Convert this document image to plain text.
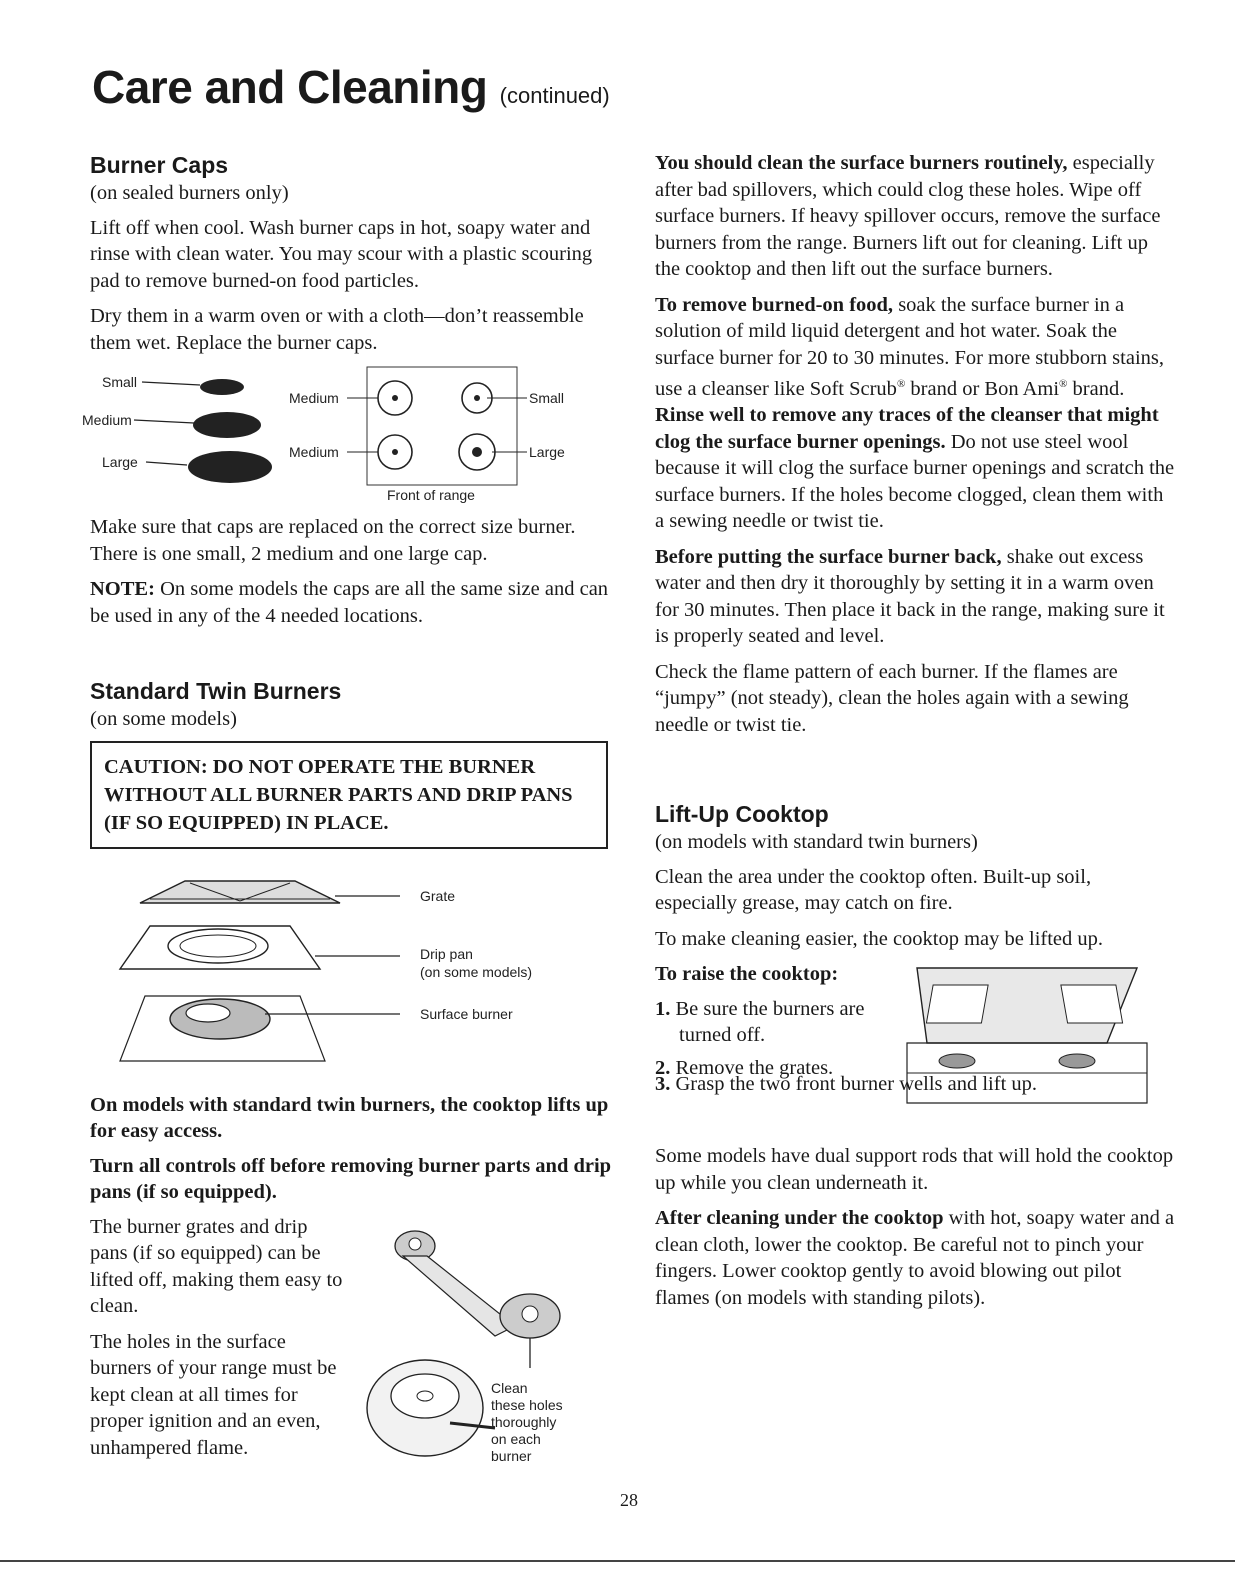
Care and Cleaning (continued)
Burner Caps

(on sealed burners only)

Lift off when cool. Wash burner caps in hot, soapy water and rinse with clean water. You may scour with a plastic scouring pad to remove burned-on food particles.

Dry them in a warm oven or with a cloth—don’t reassemble them wet. Replace the burner caps.

Small
Medium
Large
Medium	Small
Medium	Large
Front of range

Make sure that caps are replaced on the correct size burner. There is one small, 2 medium and one large cap.

NOTE: On some models the caps are all the same size and can be used in any of the 4 needed locations.

Standard Twin Burners

(on some models)

CAUTION: DO NOT OPERATE THE BURNER WITHOUT ALL BURNER PARTS AND DRIP PANS (IF SO EQUIPPED) IN PLACE.
Grate
Drip pan
(on some models)
Surface burner

On models with standard twin burners, the cooktop lifts up for easy access.

Turn all controls off before removing burner parts and drip pans (if so equipped).

The burner grates and drip pans (if so equipped) can be lifted off, making them easy to clean.

The holes in the surface burners of your range must be kept clean at all times for proper ignition and an even, unhampered flame.

Clean
these holes
thoroughly
on each
burner

You should clean the surface burners routinely, especially after bad spillovers, which could clog these holes. Wipe off surface burners. If heavy spillover occurs, remove the surface burners from the range. Burners lift out for cleaning. Lift up the cooktop and then lift out the surface burners.

To remove burned-on food, soak the surface burner in a solution of mild liquid detergent and hot water. Soak the surface burner for 20 to 30 minutes. For more stubborn stains, use a cleanser like Soft Scrub® brand or Bon Ami® brand. Rinse well to remove any traces of the cleanser that might clog the surface burner openings. Do not use steel wool because it will clog the surface burner openings and scratch the surface burners. If the holes become clogged, clean them with a sewing needle or twist tie.

Before putting the surface burner back, shake out excess water and then dry it thoroughly by setting it in a warm oven for 30 minutes. Then place it back in the range, making sure it is properly seated and level.

Check the flame pattern of each burner. If the flames are “jumpy” (not steady), clean the holes again with a sewing needle or twist tie.

Lift-Up Cooktop

(on models with standard twin burners)

Clean the area under the cooktop often. Built-up soil, especially grease, may catch on fire.

To make cleaning easier, the cooktop may be lifted up.

To raise the cooktop:

1. Be sure the burners are turned off.
2. Remove the grates.
3. Grasp the two front burner wells and lift up.

Some models have dual support rods that will hold the cooktop up while you clean underneath it.

After cleaning under the cooktop with hot, soapy water and a clean cloth, lower the cooktop. Be careful not to pinch your fingers. Lower cooktop gently to avoid blowing out pilot flames (on models with standing pilots).

28
